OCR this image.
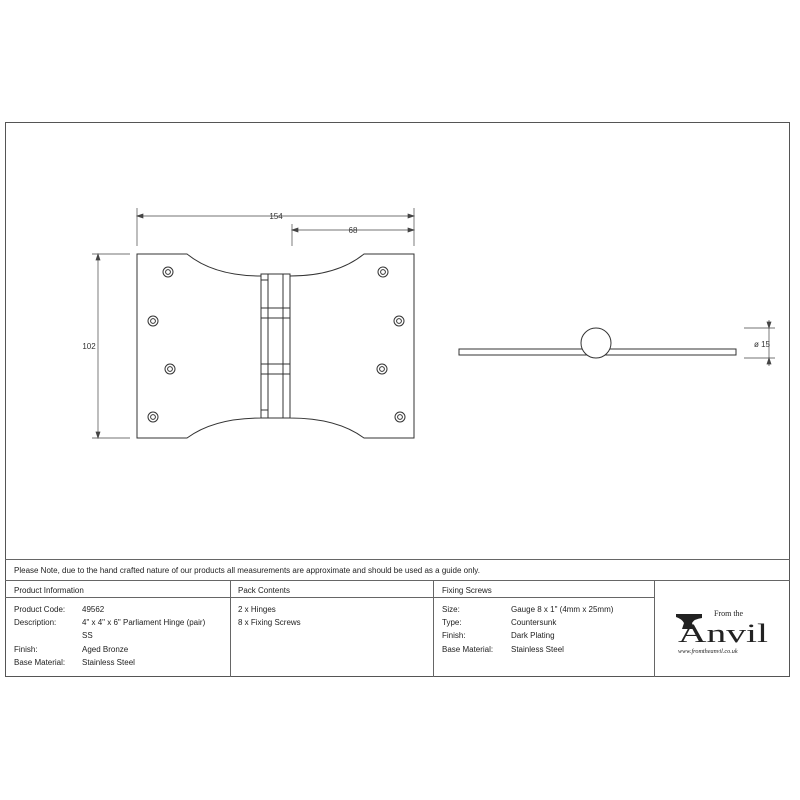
154
68
102	ø 15
Please Note, due to the hand crafted nature of our products all measurements are approximate and should be used as a guide only.
Product Information
Product Code: 49562
Description:	4" x 4" x 6" Parliament Hinge (pair)
SS
Finish:	Aged Bronze
Base Material: Stainless Steel
Pack Contents
2 x Hinges
8 x Fixing Screws
Fixing Screws
Size:	Gauge 8 x 1" (4mm x 25mm)
Type:	Countersunk
Finish:	Dark Plating
Base Material: Stainless Steel
From the
Anvil
www.fromtheanvil.co.uk
